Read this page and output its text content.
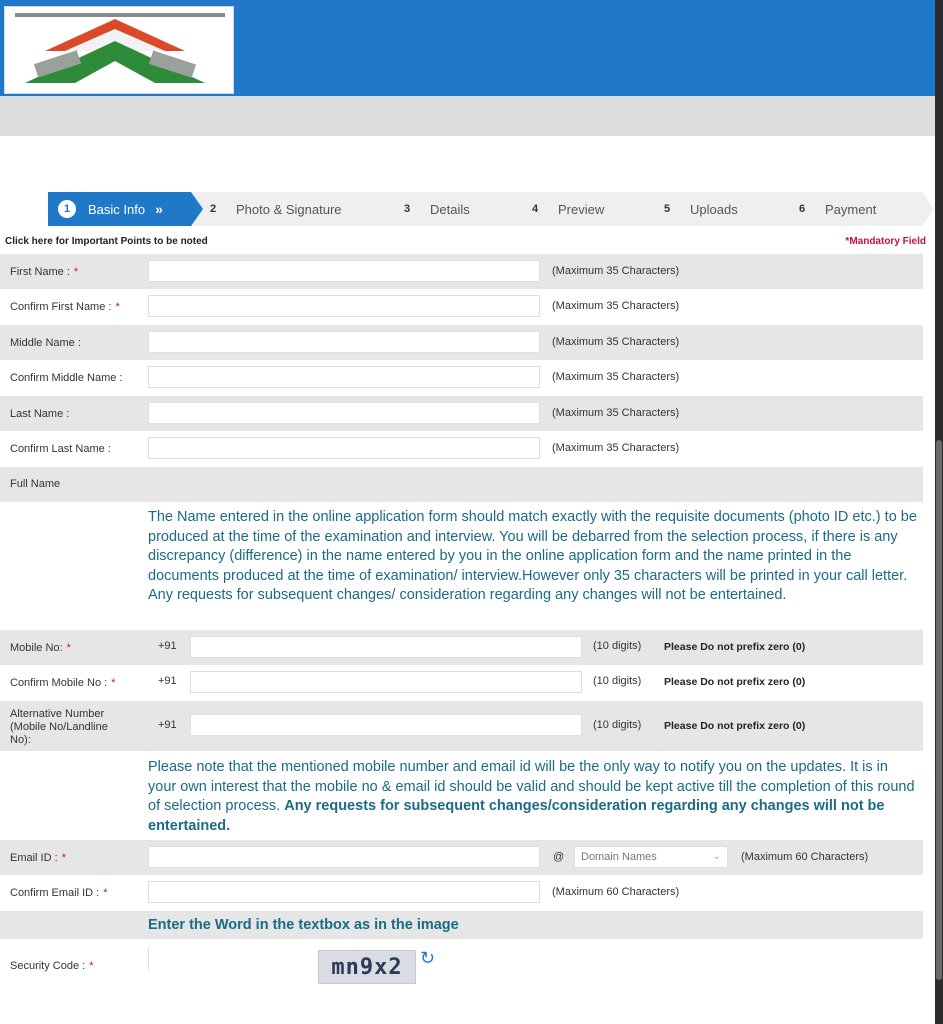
1	Basic Info »	2	Photo & Signature	3	Details	4	Preview	5	Uploads	6	Payment
Click here for Important Points to be noted	*Mandatory Field
First Name : *	(Maximum 35 Characters)
Confirm First Name : *	(Maximum 35 Characters)
Middle Name :	(Maximum 35 Characters)
Confirm Middle Name :	(Maximum 35 Characters)
Last Name :	(Maximum 35 Characters)
Confirm Last Name :	(Maximum 35 Characters)
Full Name
The Name entered in the online application form should match exactly with the requisite documents (photo ID etc.) to be produced at the time of the examination and interview. You will be debarred from the selection process, if there is any discrepancy (difference) in the name entered by you in the online application form and the name printed in the documents produced at the time of examination/ interview.However only 35 characters will be printed in your call letter. Any requests for subsequent changes/ consideration regarding any changes will not be entertained.
Mobile No: *	+91	(10 digits) Please Do not prefix zero (0)
Confirm Mobile No : *	+91	(10 digits) Please Do not prefix zero (0)
Alternative Number (Mobile No/Landline No):
+91	(10 digits) Please Do not prefix zero (0)
Please note that the mentioned mobile number and email id will be the only way to notify you on the updates. It is in your own interest that the mobile no & email id should be valid and should be kept active till the completion of this round of selection process. Any requests for subsequent changes/consideration regarding any changes will not be entertained.
Email ID : *	@	Domain Names	⌄ (Maximum 60 Characters)
Confirm Email ID : *	(Maximum 60 Characters)
Enter the Word in the textbox as in the image
Security Code : *	mn9x2 ↻
